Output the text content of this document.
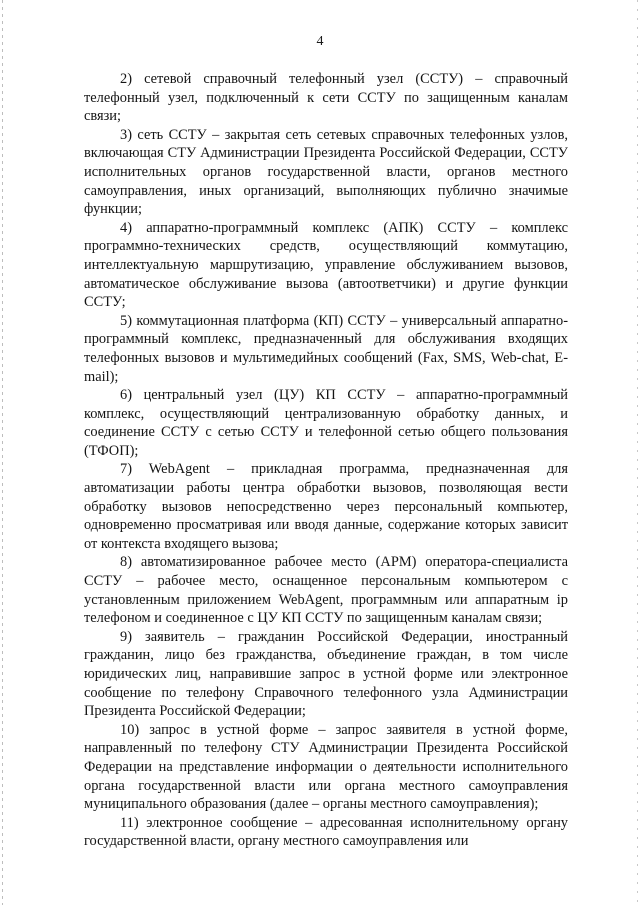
4

2) сетевой справочный телефонный узел (ССТУ) – справочный телефонный узел, подключенный к сети ССТУ по защищенным каналам связи;

3) сеть ССТУ – закрытая сеть сетевых справочных телефонных узлов, включающая СТУ Администрации Президента Российской Федерации, ССТУ исполнительных органов государственной власти, органов местного самоуправления, иных организаций, выполняющих публично значимые функции;

4) аппаратно-программный комплекс (АПК) ССТУ – комплекс программно-технических средств, осуществляющий коммутацию, интеллектуальную маршрутизацию, управление обслуживанием вызовов, автоматическое обслуживание вызова (автоответчики) и другие функции ССТУ;

5) коммутационная платформа (КП) ССТУ – универсальный аппаратно-программный комплекс, предназначенный для обслуживания входящих телефонных вызовов и мультимедийных сообщений (Fax, SMS, Web-chat, E-mail);

6) центральный узел (ЦУ) КП ССТУ – аппаратно-программный комплекс, осуществляющий централизованную обработку данных, и соединение ССТУ с сетью ССТУ и телефонной сетью общего пользования (ТФОП);

7) WebAgent – прикладная программа, предназначенная для автоматизации работы центра обработки вызовов, позволяющая вести обработку вызовов непосредственно через персональный компьютер, одновременно просматривая или вводя данные, содержание которых зависит от контекста входящего вызова;

8) автоматизированное рабочее место (АРМ) оператора-специалиста ССТУ – рабочее место, оснащенное персональным компьютером с установленным приложением WebAgent, программным или аппаратным ip телефоном и соединенное с ЦУ КП ССТУ по защищенным каналам связи;

9) заявитель – гражданин Российской Федерации, иностранный гражданин, лицо без гражданства, объединение граждан, в том числе юридических лиц, направившие запрос в устной форме или электронное сообщение по телефону Справочного телефонного узла Администрации Президента Российской Федерации;

10) запрос в устной форме – запрос заявителя в устной форме, направленный по телефону СТУ Администрации Президента Российской Федерации на представление информации о деятельности исполнительного органа государственной власти или органа местного самоуправления муниципального образования (далее – органы местного самоуправления);

11) электронное сообщение – адресованная исполнительному органу государственной власти, органу местного самоуправления или
